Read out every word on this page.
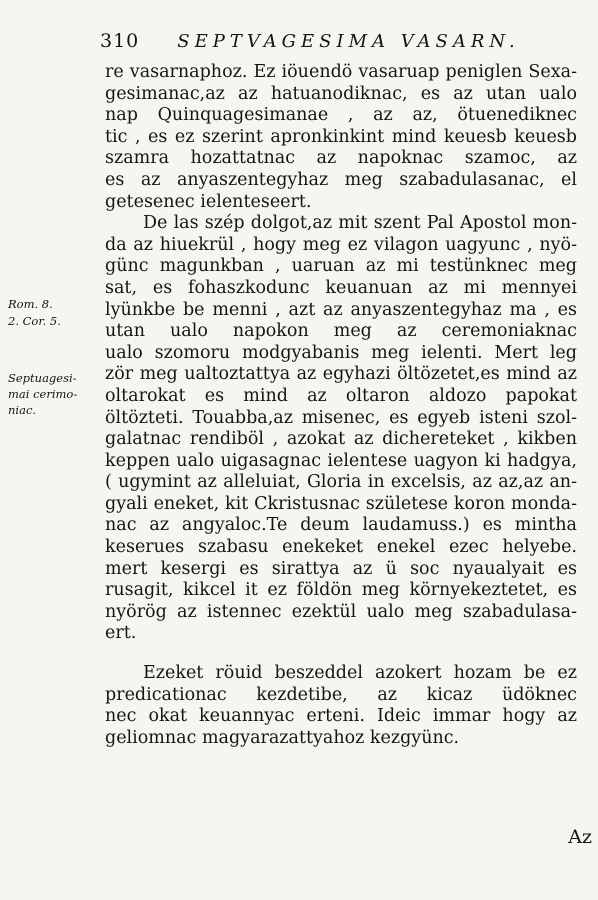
310 SEPTVAGESIMA VASARN.
Rom. 8.
2. Cor. 5.
Septuagesi-
mai cerimo-
niac.
re vasarnaphoz. Ez iöuendö vasaruap peniglen Sexa-
gesimanac,az az hatuanodiknac, es az utan ualo
nap Quinquagesimanae , az az, ötuenediknec
tic , es ez szerint apronkinkint mind keuesb keuesb
szamra hozattatnac az napoknac szamoc, az
es az anyaszentegyhaz meg szabadulasanac, el
getesenec ielenteseert.
De las szép dolgot,az mit szent Pal Apostol mon-
da az hiuekrül , hogy meg ez vilagon uagyunc , nyö-
günc magunkban , uaruan az mi testünknec meg
sat, es fohaszkodunc keuanuan az mi mennyei
lyünkbe be menni , azt az anyaszentegyhaz ma , es
utan ualo napokon meg az ceremoniaknac
ualo szomoru modgyabanis meg ielenti. Mert leg
zör meg ualtoztattya az egyhazi öltözetet,es mind az
oltarokat es mind az oltaron aldozo papokat
öltözteti. Touabba,az misenec, es egyeb isteni szol-
galatnac rendiböl , azokat az dichereteket , kikben
keppen ualo uigasagnac ielentese uagyon ki hadgya,
( ugymint az alleluiat, Gloria in excelsis, az az,az an-
gyali eneket, kit Ckristusnac születese koron monda-
nac az angyaloc.Te deum laudamuss.) es mintha
keserues szabasu enekeket enekel ezec helyebe.
mert kesergi es sirattya az ü soc nyaualyait es
rusagit, kikcel it ez földön meg környekeztetet, es
nyörög az istennec ezektül ualo meg szabadulasa-
ert.
Ezeket röuid beszeddel azokert hozam be ez
predicationac kezdetibe, az kicaz üdöknec
nec okat keuannyac erteni. Ideic immar hogy az
geliomnac magyarazattyahoz kezgyünc.
Az
